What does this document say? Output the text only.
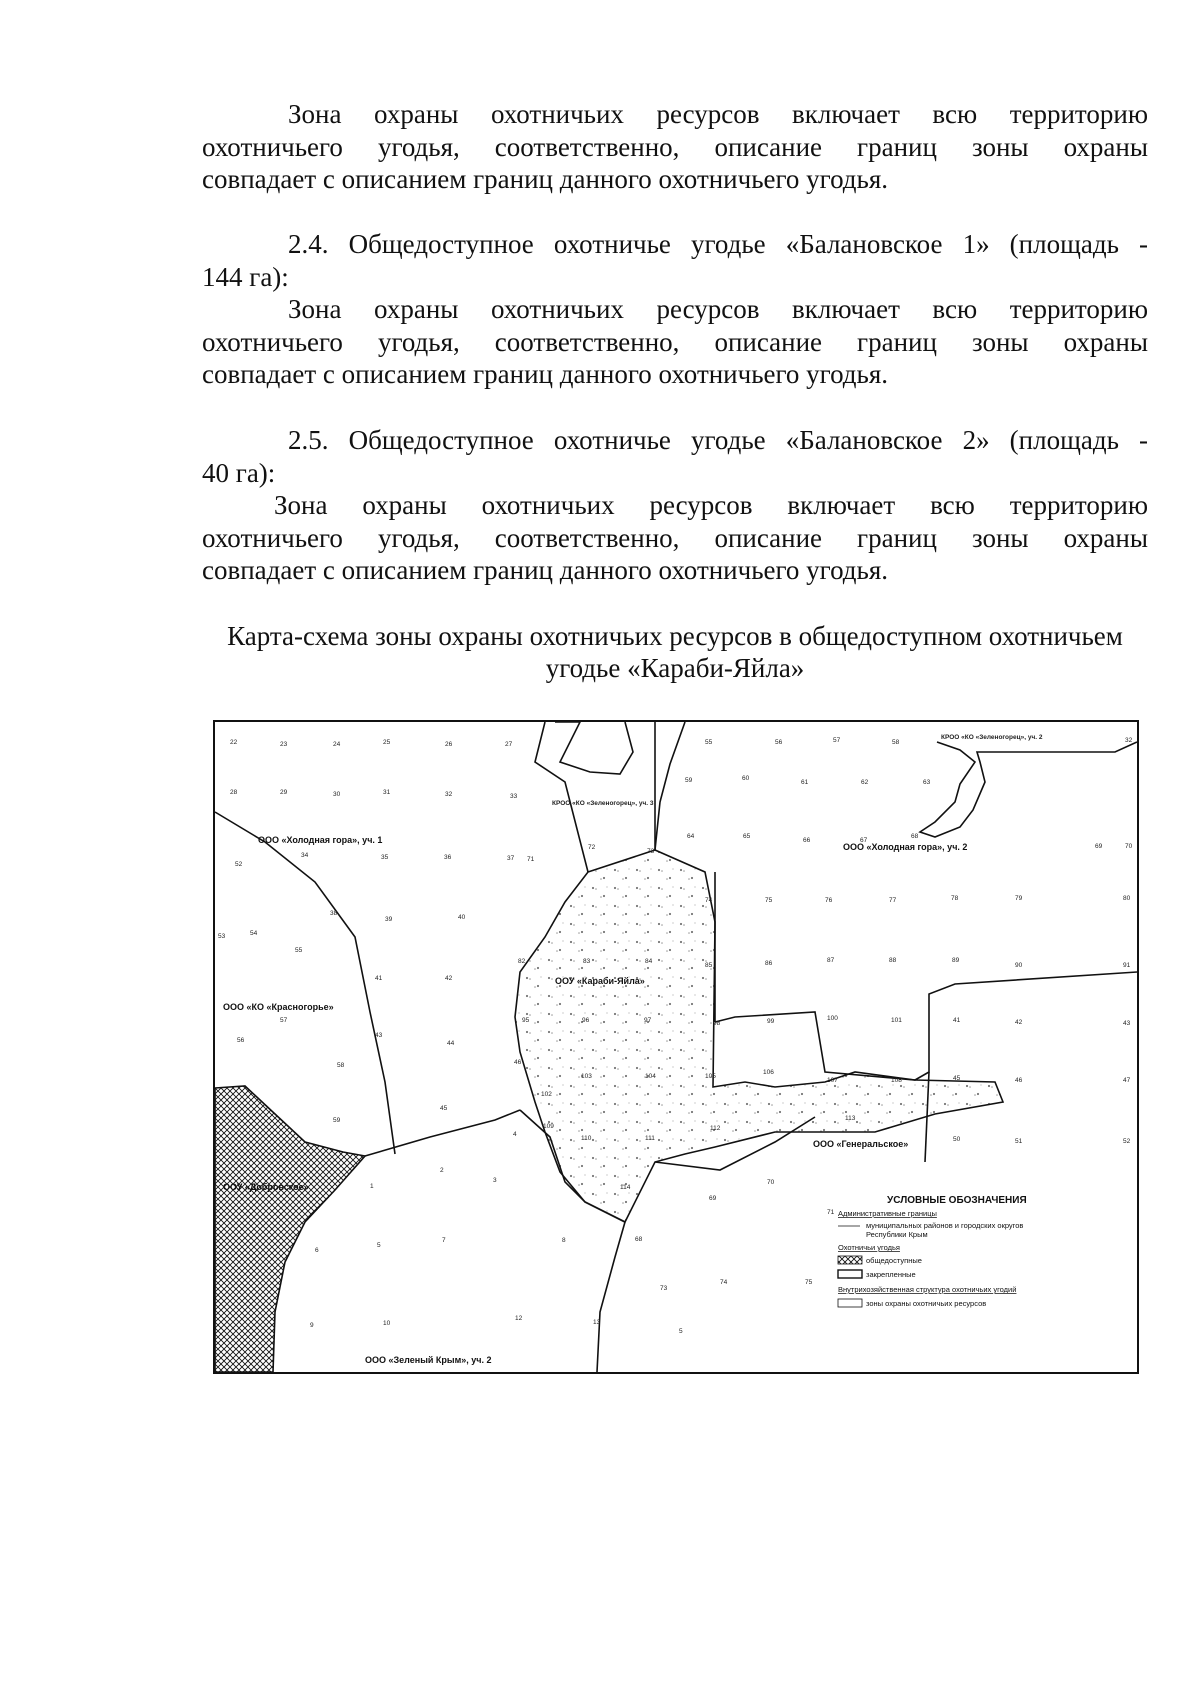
Зона охраны охотничьих ресурсов включает всю территорию
охотничьего угодья, соответственно, описание границ зоны охраны
совпадает с описанием границ данного охотничьего угодья.

2.4. Общедоступное охотничье угодье «Балановское 1» (площадь -
144 га):

Зона охраны охотничьих ресурсов включает всю территорию
охотничьего угодья, соответственно, описание границ зоны охраны
совпадает с описанием границ данного охотничьего угодья.

2.5. Общедоступное охотничье угодье «Балановское 2» (площадь -
40 га):

Зона охраны охотничьих ресурсов включает всю территорию
охотничьего угодья, соответственно, описание границ зоны охраны
совпадает с описанием границ данного охотничьего угодья.

Карта-схема зоны охраны охотничьих ресурсов в общедоступном охотничьем
угодье «Караби-Яйла»

ООО «Холодная гора», уч. 1
ООО «Холодная гора», уч. 2
ООО «КО «Красногорье»
ООУ «Караби-Яйла»
ООУ «Добровское»
ООО «Генеральское»
ООО «Зеленый Крым», уч. 2
КРОО «КО «Зеленогорец», уч. 3
КРОО «КО «Зеленогорец», уч. 2
22	23	24	25	26	27
28	29	30	31	32	33
52
34	35	36	37
38
39	40
54
55
41	42
57
56
43
44
58
45
59
46
102
109
110	111
103	104	105
106
112
113
72
73
71
82	83	84
95	96	97
4
2
3
1	114
6
5
7	8
9	10
12
13
55	56	57	58
59	60
61	62	63
64	65
66	67
68
69	70
74	75	76	77	78	79	80
85	86	87	88	89
90	91
98	99	100	101	41	42	43
107	108	45	46	47
50	51	52
69
70
68
73
74	75
5
71
53
32
УСЛОВНЫЕ ОБОЗНАЧЕНИЯ
Административные границы
муниципальных районов и городских округов
Республики Крым
Охотничьи угодья
общедоступные
закрепленные
Внутрихозяйственная структура охотничьих угодий
зоны охраны охотничьих ресурсов
